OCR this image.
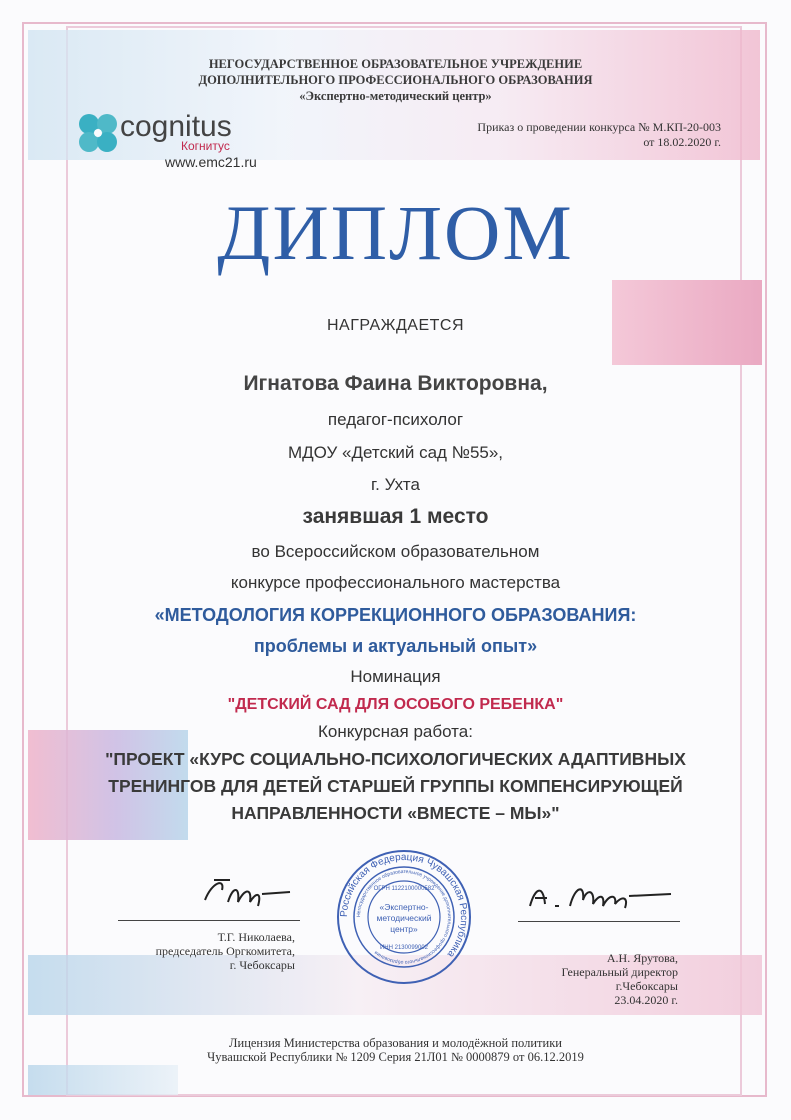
НЕГОСУДАРСТВЕННОЕ ОБРАЗОВАТЕЛЬНОЕ УЧРЕЖДЕНИЕ
ДОПОЛНИТЕЛЬНОГО ПРОФЕССИОНАЛЬНОГО ОБРАЗОВАНИЯ
«Экспертно-методический центр»
cognitus
Когнитус
www.emc21.ru
Приказ о проведении конкурса № М.КП-20-003
от 18.02.2020 г.
ДИПЛОМ
НАГРАЖДАЕТСЯ
Игнатова Фаина Викторовна,
педагог-психолог
МДОУ «Детский сад №55»,
г. Ухта
занявшая 1 место
во Всероссийском образовательном
конкурсе профессионального мастерства
«МЕТОДОЛОГИЯ КОРРЕКЦИОННОГО ОБРАЗОВАНИЯ:
проблемы и актуальный опыт»
Номинация
"ДЕТСКИЙ САД ДЛЯ ОСОБОГО РЕБЕНКА"
Конкурсная работа:
"ПРОЕКТ «КУРС СОЦИАЛЬНО-ПСИХОЛОГИЧЕСКИХ АДАПТИВНЫХ
ТРЕНИНГОВ ДЛЯ ДЕТЕЙ СТАРШЕЙ ГРУППЫ КОМПЕНСИРУЮЩЕЙ
НАПРАВЛЕННОСТИ «ВМЕСТЕ – МЫ»"
Т.Г. Николаева,
председатель Оргкомитета,
г. Чебоксары
Российская Федерация Чувашская Республика
Негосударственное образовательное учреждение дополнительного профессионального образования
ОГРН 1122100000582
«Экспертно-
методический
центр»
ИНН 2130099002
А.Н. Ярутова,
Генеральный директор
г.Чебоксары
23.04.2020 г.
Лицензия Министерства образования и молодёжной политики
Чувашской Республики № 1209 Серия 21Л01 № 0000879 от 06.12.2019
